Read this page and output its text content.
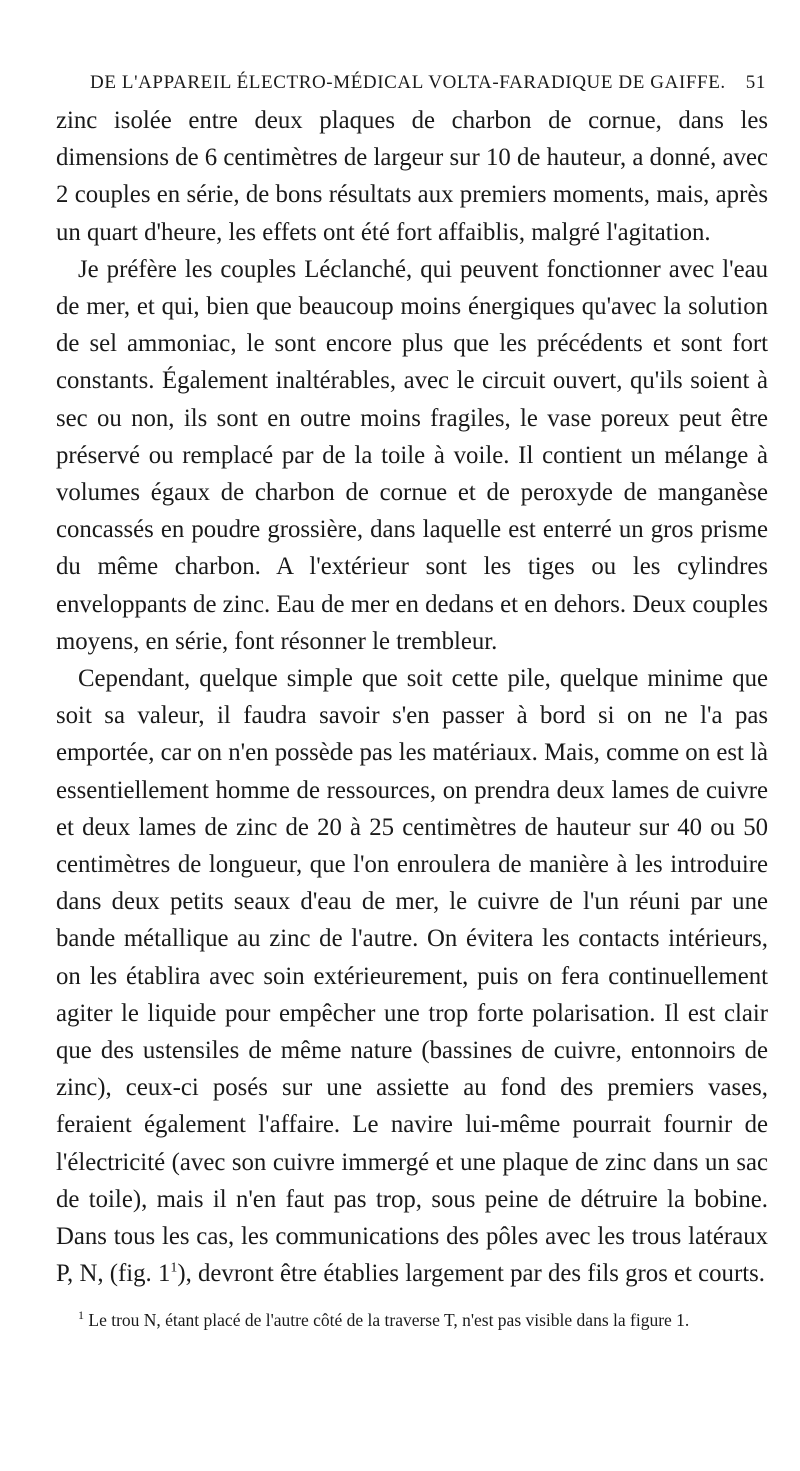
DE L'APPAREIL ÉLECTRO-MÉDICAL VOLTA-FARADIQUE DE GAIFFE. 51

zinc isolée entre deux plaques de charbon de cornue, dans les dimensions de 6 centimètres de largeur sur 10 de hauteur, a donné, avec 2 couples en série, de bons résultats aux premiers moments, mais, après un quart d'heure, les effets ont été fort affaiblis, malgré l'agitation.

Je préfère les couples Léclanché, qui peuvent fonctionner avec l'eau de mer, et qui, bien que beaucoup moins énergiques qu'avec la solution de sel ammoniac, le sont encore plus que les précédents et sont fort constants. Également inaltérables, avec le circuit ouvert, qu'ils soient à sec ou non, ils sont en outre moins fragiles, le vase poreux peut être préservé ou remplacé par de la toile à voile. Il contient un mélange à volumes égaux de charbon de cornue et de peroxyde de manganèse concassés en poudre grossière, dans laquelle est enterré un gros prisme du même charbon. A l'extérieur sont les tiges ou les cylindres enveloppants de zinc. Eau de mer en dedans et en dehors. Deux couples moyens, en série, font résonner le trembleur.

Cependant, quelque simple que soit cette pile, quelque minime que soit sa valeur, il faudra savoir s'en passer à bord si on ne l'a pas emportée, car on n'en possède pas les matériaux. Mais, comme on est là essentiellement homme de ressources, on prendra deux lames de cuivre et deux lames de zinc de 20 à 25 centimètres de hauteur sur 40 ou 50 centimètres de longueur, que l'on enroulera de manière à les introduire dans deux petits seaux d'eau de mer, le cuivre de l'un réuni par une bande métallique au zinc de l'autre. On évitera les contacts intérieurs, on les établira avec soin extérieurement, puis on fera continuellement agiter le liquide pour empêcher une trop forte polarisation. Il est clair que des ustensiles de même nature (bassines de cuivre, entonnoirs de zinc), ceux-ci posés sur une assiette au fond des premiers vases, feraient également l'affaire. Le navire lui-même pourrait fournir de l'électricité (avec son cuivre immergé et une plaque de zinc dans un sac de toile), mais il n'en faut pas trop, sous peine de détruire la bobine. Dans tous les cas, les communications des pôles avec les trous latéraux P, N, (fig. 1$^1$), devront être établies largement par des fils gros et courts.

$^1$ Le trou N, étant placé de l'autre côté de la traverse T, n'est pas visible dans la figure 1.
